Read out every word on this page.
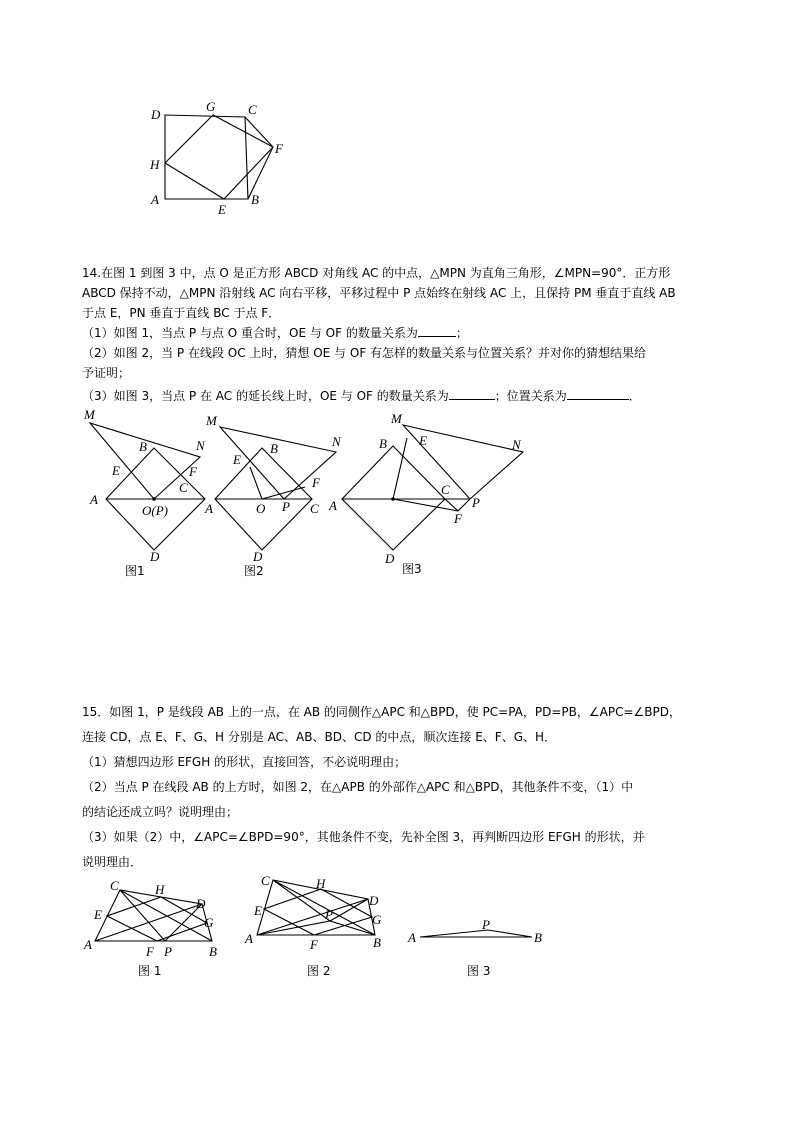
D
G	C
F
H
A
E
B
14.在图 1 到图 3 中，点 O 是正方形 ABCD 对角线 AC 的中点，△MPN 为直角三角形，∠MPN=90°．正方形
ABCD 保持不动，△MPN 沿射线 AC 向右平移，平移过程中 P 点始终在射线 AC 上，且保持 PM 垂直于直线 AB
于点 E，PN 垂直于直线 BC 于点 F．
（1）如图 1，当点 P 与点 O 重合时，OE 与 OF 的数量关系为	；
（2）如图 2，当 P 在线段 OC 上时，猜想 OE 与 OF 有怎样的数量关系与位置关系？并对你的猜想结果给
予证明；
（3）如图 3，当点 P 在 AC 的延长线上时，OE 与 OF 的数量关系为	；位置关系为	．
M
B	N
E	F
C
A
O(P)
D
图1
M
B	N
E
F
A	O P C
D
图2
M
B E	N
A
C
P
F
D
图3
15．如图 1，P 是线段 AB 上的一点，在 AB 的同侧作△APC 和△BPD，使 PC=PA，PD=PB，∠APC=∠BPD，
连接 CD，点 E、F、G、H 分别是 AC、AB、BD、CD 的中点，顺次连接 E、F、G、H．
（1）猜想四边形 EFGH 的形状，直接回答，不必说明理由；
（2）当点 P 在线段 AB 的上方时，如图 2，在△APB 的外部作△APC 和△BPD，其他条件不变，（1）中
的结论还成立吗？说明理由；
（3）如果（2）中，∠APC=∠BPD=90°，其他条件不变，先补全图 3，再判断四边形 EFGH 的形状，并
说明理由．
C	H
D
E
G
A	F P	B
图 1
C	H
D
E	P	G
A	F	B
图 2
A
P
B
图 3
